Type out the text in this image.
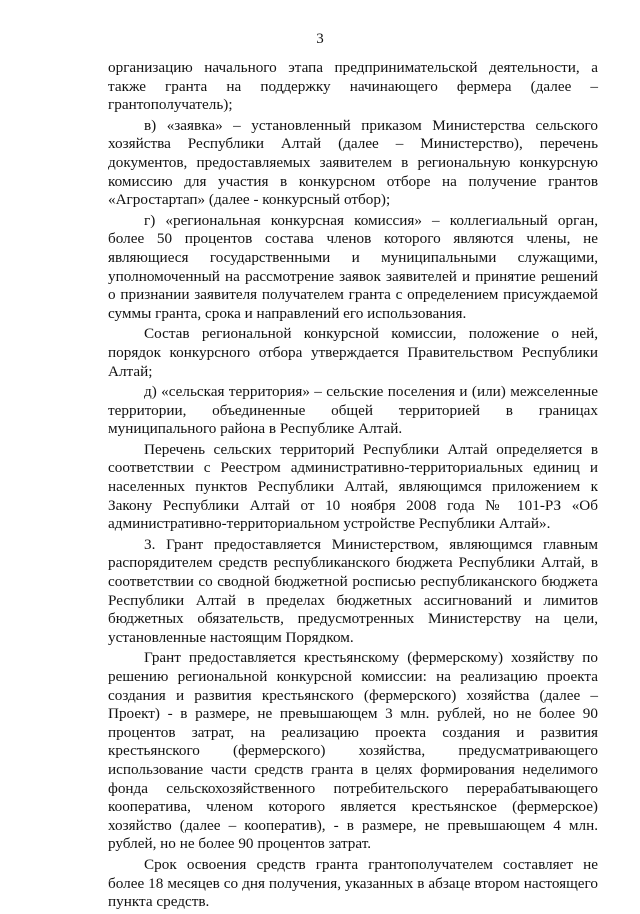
3

организацию начального этапа предпринимательской деятельности, а также гранта на поддержку начинающего фермера (далее – грантополучатель);

в) «заявка» – установленный приказом Министерства сельского хозяйства Республики Алтай (далее – Министерство), перечень документов, предоставляемых заявителем в региональную конкурсную комиссию для участия в конкурсном отборе на получение грантов «Агростартап» (далее - конкурсный отбор);

г) «региональная конкурсная комиссия» – коллегиальный орган, более 50 процентов состава членов которого являются члены, не являющиеся государственными и муниципальными служащими, уполномоченный на рассмотрение заявок заявителей и принятие решений о признании заявителя получателем гранта с определением присуждаемой суммы гранта, срока и направлений его использования.

Состав региональной конкурсной комиссии, положение о ней, порядок конкурсного отбора утверждается Правительством Республики Алтай;

д) «сельская территория» – сельские поселения и (или) межселенные территории, объединенные общей территорией в границах муниципального района в Республике Алтай.

Перечень сельских территорий Республики Алтай определяется в соответствии с Реестром административно-территориальных единиц и населенных пунктов Республики Алтай, являющимся приложением к Закону Республики Алтай от 10 ноября 2008 года № 101-РЗ «Об административно-территориальном устройстве Республики Алтай».

3. Грант предоставляется Министерством, являющимся главным распорядителем средств республиканского бюджета Республики Алтай, в соответствии со сводной бюджетной росписью республиканского бюджета Республики Алтай в пределах бюджетных ассигнований и лимитов бюджетных обязательств, предусмотренных Министерству на цели, установленные настоящим Порядком.

Грант предоставляется крестьянскому (фермерскому) хозяйству по решению региональной конкурсной комиссии: на реализацию проекта создания и развития крестьянского (фермерского) хозяйства (далее – Проект) - в размере, не превышающем 3 млн. рублей, но не более 90 процентов затрат, на реализацию проекта создания и развития крестьянского (фермерского) хозяйства, предусматривающего использование части средств гранта в целях формирования неделимого фонда сельскохозяйственного потребительского перерабатывающего кооператива, членом которого является крестьянское (фермерское) хозяйство (далее – кооператив), - в размере, не превышающем 4 млн. рублей, но не более 90 процентов затрат.

Срок освоения средств гранта грантополучателем составляет не более 18 месяцев со дня получения, указанных в абзаце втором настоящего пункта средств.
